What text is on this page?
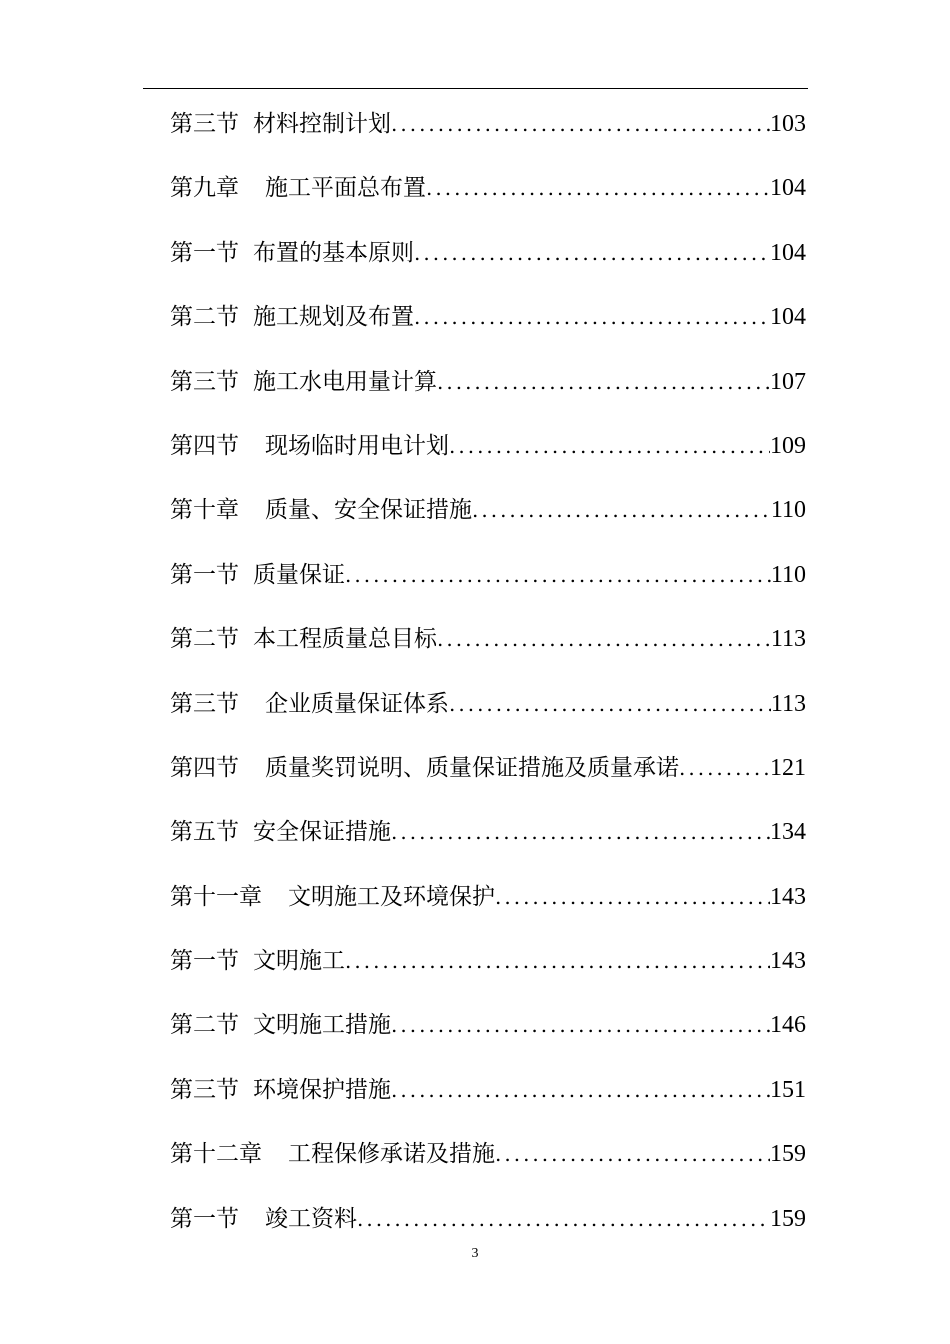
第三节 材料控制计划 .....	103
第九章 施工平面总布置 .....	104
第一节 布置的基本原则 .....	104
第二节 施工规划及布置 .....	104
第三节 施工水电用量计算 .....	107
第四节 现场临时用电计划 .....	109
第十章 质量、安全保证措施 .....	110
第一节 质量保证 .....	110
第二节 本工程质量总目标 .....	113
第三节 企业质量保证体系 .....	113
第四节 质量奖罚说明、质量保证措施及质量承诺 .....	121
第五节 安全保证措施 .....	134
第十一章 文明施工及环境保护 .....	143
第一节 文明施工 .....	143
第二节 文明施工措施 .....	146
第三节 环境保护措施 .....	151
第十二章 工程保修承诺及措施 .....	159
第一节 竣工资料 .....	159
3
